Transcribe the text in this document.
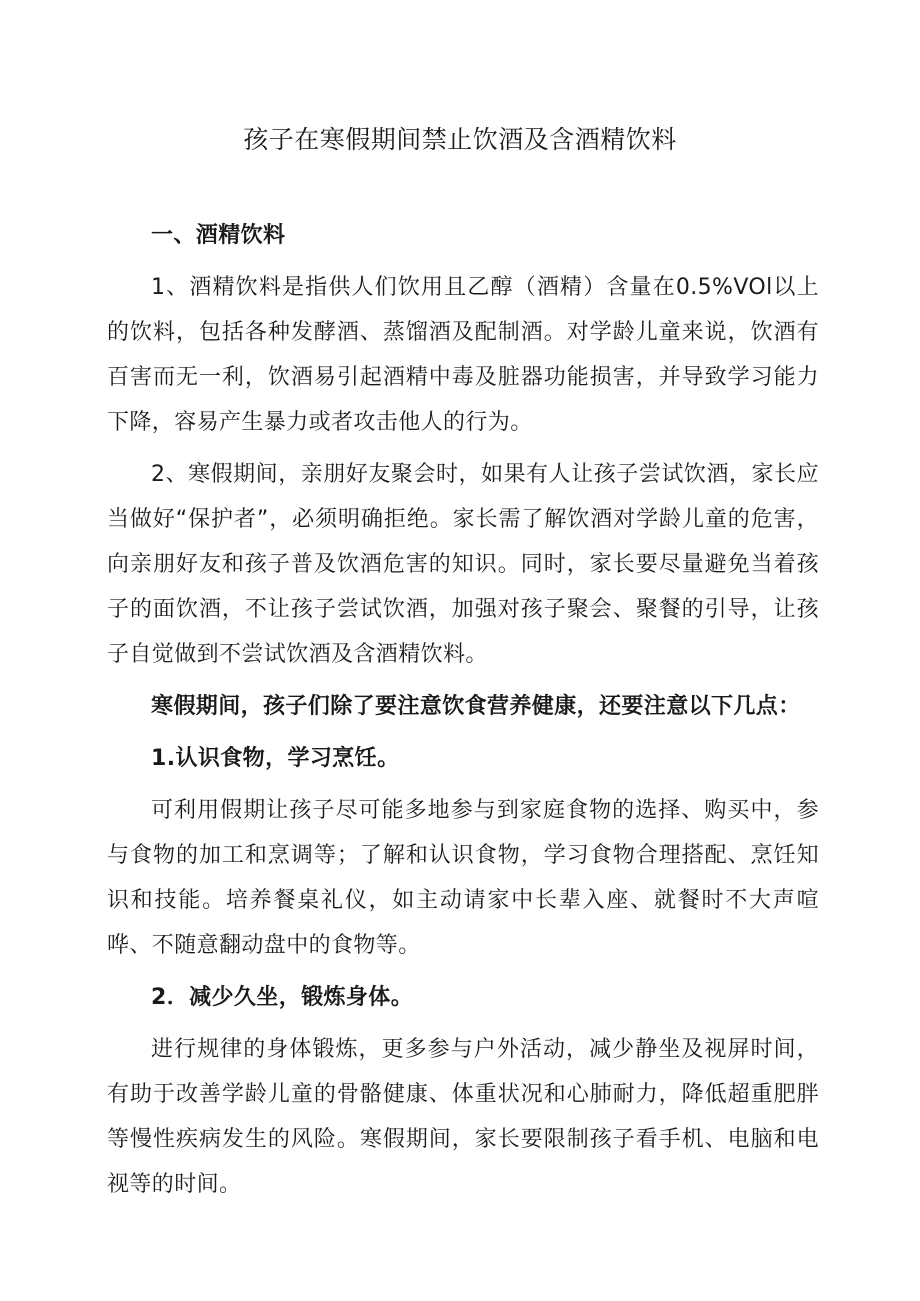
孩子在寒假期间禁止饮酒及含酒精饮料

一、酒精饮料

1、酒精饮料是指供人们饮用且乙醇（酒精）含量在0.5%VOl以上的饮料，包括各种发酵酒、蒸馏酒及配制酒。对学龄儿童来说，饮酒有百害而无一利，饮酒易引起酒精中毒及脏器功能损害，并导致学习能力下降，容易产生暴力或者攻击他人的行为。

2、寒假期间，亲朋好友聚会时，如果有人让孩子尝试饮酒，家长应当做好“保护者”，必须明确拒绝。家长需了解饮酒对学龄儿童的危害，向亲朋好友和孩子普及饮酒危害的知识。同时，家长要尽量避免当着孩子的面饮酒，不让孩子尝试饮酒，加强对孩子聚会、聚餐的引导，让孩子自觉做到不尝试饮酒及含酒精饮料。

寒假期间，孩子们除了要注意饮食营养健康，还要注意以下几点：

1.认识食物，学习烹饪。

可利用假期让孩子尽可能多地参与到家庭食物的选择、购买中，参与食物的加工和烹调等；了解和认识食物，学习食物合理搭配、烹饪知识和技能。培养餐桌礼仪，如主动请家中长辈入座、就餐时不大声喧哗、不随意翻动盘中的食物等。

2．减少久坐，锻炼身体。

进行规律的身体锻炼，更多参与户外活动，减少静坐及视屏时间，有助于改善学龄儿童的骨骼健康、体重状况和心肺耐力，降低超重肥胖等慢性疾病发生的风险。寒假期间，家长要限制孩子看手机、电脑和电视等的时间。
